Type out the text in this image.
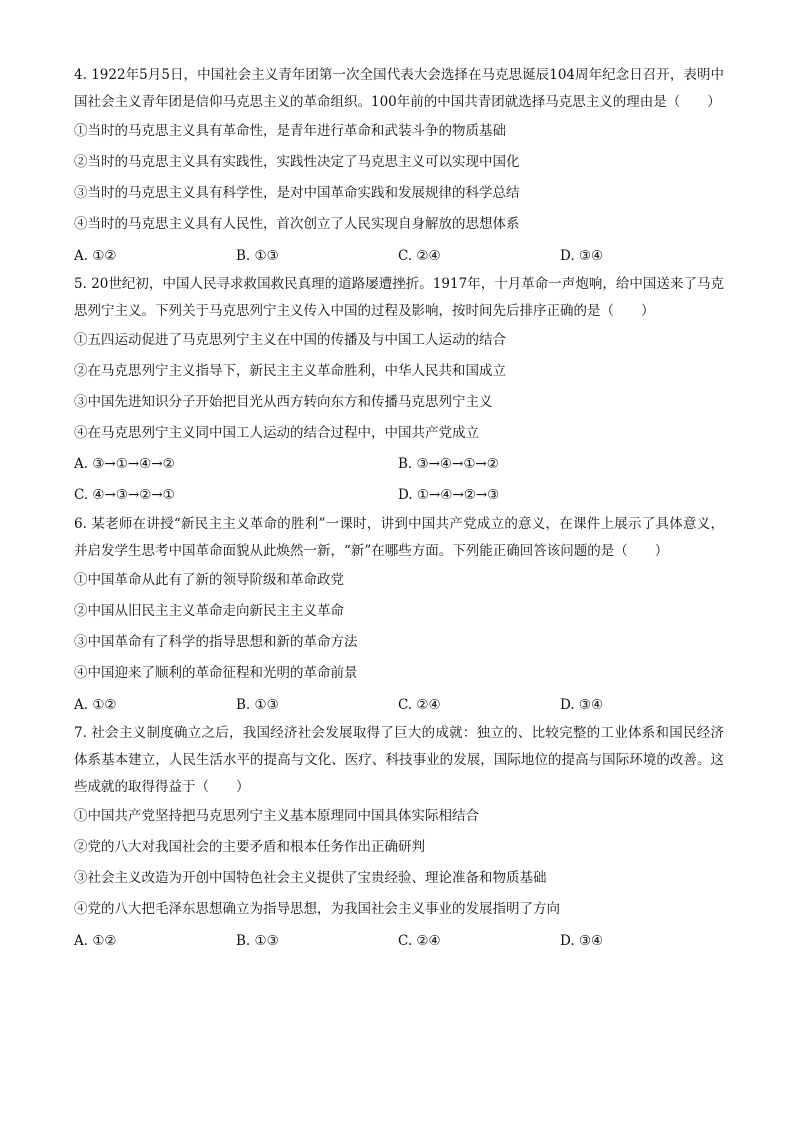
4. 1922年5月5日，中国社会主义青年团第一次全国代表大会选择在马克思诞辰104周年纪念日召开，表明中国社会主义青年团是信仰马克思主义的革命组织。100年前的中国共青团就选择马克思主义的理由是（　　）

①当时的马克思主义具有革命性，是青年进行革命和武装斗争的物质基础

②当时的马克思主义具有实践性，实践性决定了马克思主义可以实现中国化

③当时的马克思主义具有科学性，是对中国革命实践和发展规律的科学总结

④当时的马克思主义具有人民性，首次创立了人民实现自身解放的思想体系

A. ①②	B. ①③	C. ②④	D. ③④

5. 20世纪初，中国人民寻求救国救民真理的道路屡遭挫折。1917年，十月革命一声炮响，给中国送来了马克思列宁主义。下列关于马克思列宁主义传入中国的过程及影响，按时间先后排序正确的是（　　）

①五四运动促进了马克思列宁主义在中国的传播及与中国工人运动的结合

②在马克思列宁主义指导下，新民主主义革命胜利，中华人民共和国成立

③中国先进知识分子开始把目光从西方转向东方和传播马克思列宁主义

④在马克思列宁主义同中国工人运动的结合过程中，中国共产党成立

A. ③→①→④→②	B. ③→④→①→②
C. ④→③→②→①	D. ①→④→②→③

6. 某老师在讲授“新民主主义革命的胜利”一课时，讲到中国共产党成立的意义，在课件上展示了具体意义，并启发学生思考中国革命面貌从此焕然一新，“新”在哪些方面。下列能正确回答该问题的是（　　）

①中国革命从此有了新的领导阶级和革命政党

②中国从旧民主主义革命走向新民主主义革命

③中国革命有了科学的指导思想和新的革命方法

④中国迎来了顺利的革命征程和光明的革命前景

A. ①②	B. ①③	C. ②④	D. ③④

7. 社会主义制度确立之后，我国经济社会发展取得了巨大的成就：独立的、比较完整的工业体系和国民经济体系基本建立，人民生活水平的提高与文化、医疗、科技事业的发展，国际地位的提高与国际环境的改善。这些成就的取得得益于（　　）

①中国共产党坚持把马克思列宁主义基本原理同中国具体实际相结合

②党的八大对我国社会的主要矛盾和根本任务作出正确研判

③社会主义改造为开创中国特色社会主义提供了宝贵经验、理论准备和物质基础

④党的八大把毛泽东思想确立为指导思想，为我国社会主义事业的发展指明了方向

A. ①②	B. ①③	C. ②④	D. ③④
